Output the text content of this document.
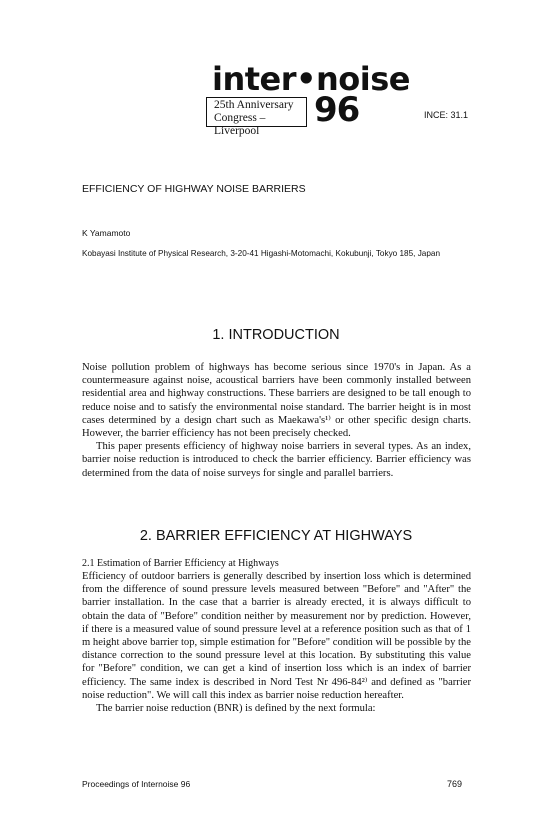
inter•noise
25th Anniversary
Congress – Liverpool
96	INCE: 31.1
EFFICIENCY OF HIGHWAY NOISE BARRIERS
K Yamamoto
Kobayasi Institute of Physical Research, 3-20-41 Higashi-Motomachi, Kokubunji, Tokyo 185, Japan
1. INTRODUCTION

Noise pollution problem of highways has become serious since 1970's in Japan. As a countermeasure against noise, acoustical barriers have been commonly installed between residential area and highway constructions. These barriers are designed to be tall enough to reduce noise and to satisfy the environmental noise standard. The barrier height is in most cases determined by a design chart such as Maekawa's¹⁾ or other specific design charts. However, the barrier efficiency has not been precisely checked.

This paper presents efficiency of highway noise barriers in several types. As an index, barrier noise reduction is introduced to check the barrier efficiency. Barrier efficiency was determined from the data of noise surveys for single and parallel barriers.

2. BARRIER EFFICIENCY AT HIGHWAYS
2.1 Estimation of Barrier Efficiency at Highways

Efficiency of outdoor barriers is generally described by insertion loss which is determined from the difference of sound pressure levels measured between "Before" and "After" the barrier installation. In the case that a barrier is already erected, it is always difficult to obtain the data of "Before" condition neither by measurement nor by prediction. However, if there is a measured value of sound pressure level at a reference position such as that of 1 m height above barrier top, simple estimation for "Before" condition will be possible by the distance correction to the sound pressure level at this location. By substituting this value for "Before" condition, we can get a kind of insertion loss which is an index of barrier efficiency. The same index is described in Nord Test Nr 496-84²⁾ and defined as "barrier noise reduction". We will call this index as barrier noise reduction hereafter.

The barrier noise reduction (BNR) is defined by the next formula:

Proceedings of Internoise 96	769
